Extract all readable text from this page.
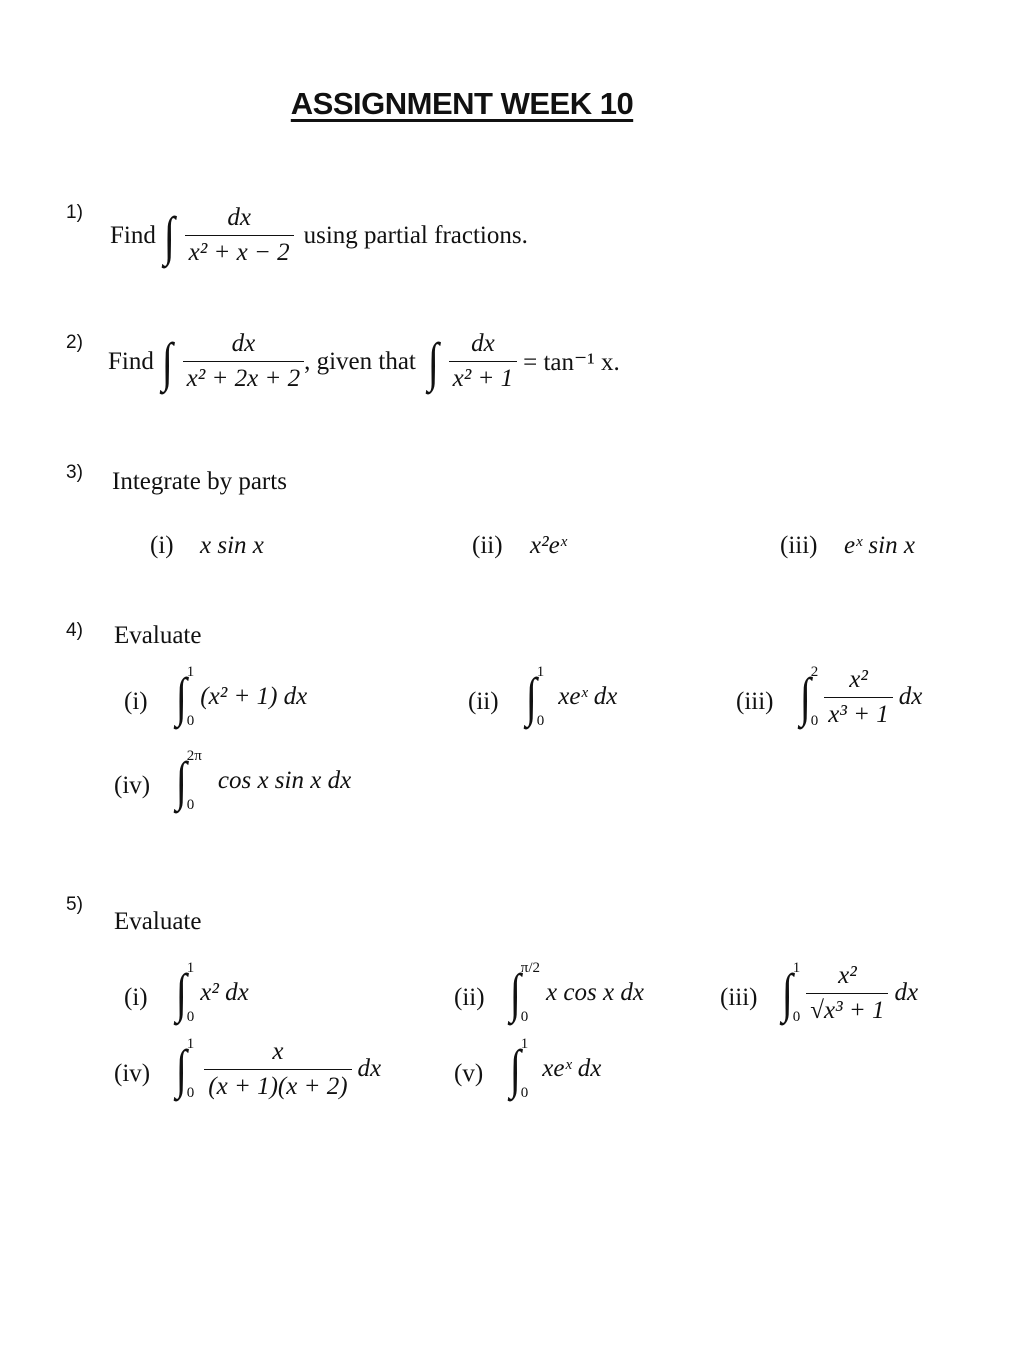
ASSIGNMENT WEEK 10
1)
Find ∫ $\frac{dx}{\text{x² + x − 2}}$ using partial fractions.
2)
Find ∫ $\frac{dx}{\text{x² + 2x + 2}}$ , given that ∫ $\frac{dx}{\text{x² + 1}} = \tan^{-1}$ x.
3) Integrate by parts
(i) x sin x	(ii) x²eˣ	(iii) eˣ sin x
4) Evaluate
(i) ∫ 1
0
(x² + 1) dx	(ii) ∫ 1
0
xeˣ dx	(iii) ∫ 2
$0 \frac{\text{x²}}{\text{x³ + 1}}$ dx
(iv) ∫ 2π
0
cos x sin x dx
5)
Evaluate
(i) ∫ 1
0
x² dx	(ii) ∫ π/2
0
x cos x dx	(iii) ∫ 1
$0 \frac{\text{x²}}{\text{√x³ + 1}}$ dx
(iv) ∫ 1
$0 \frac{x}{(x + 1)(x + 2)}$ dx	(v) ∫ 1
0
xeˣ dx
